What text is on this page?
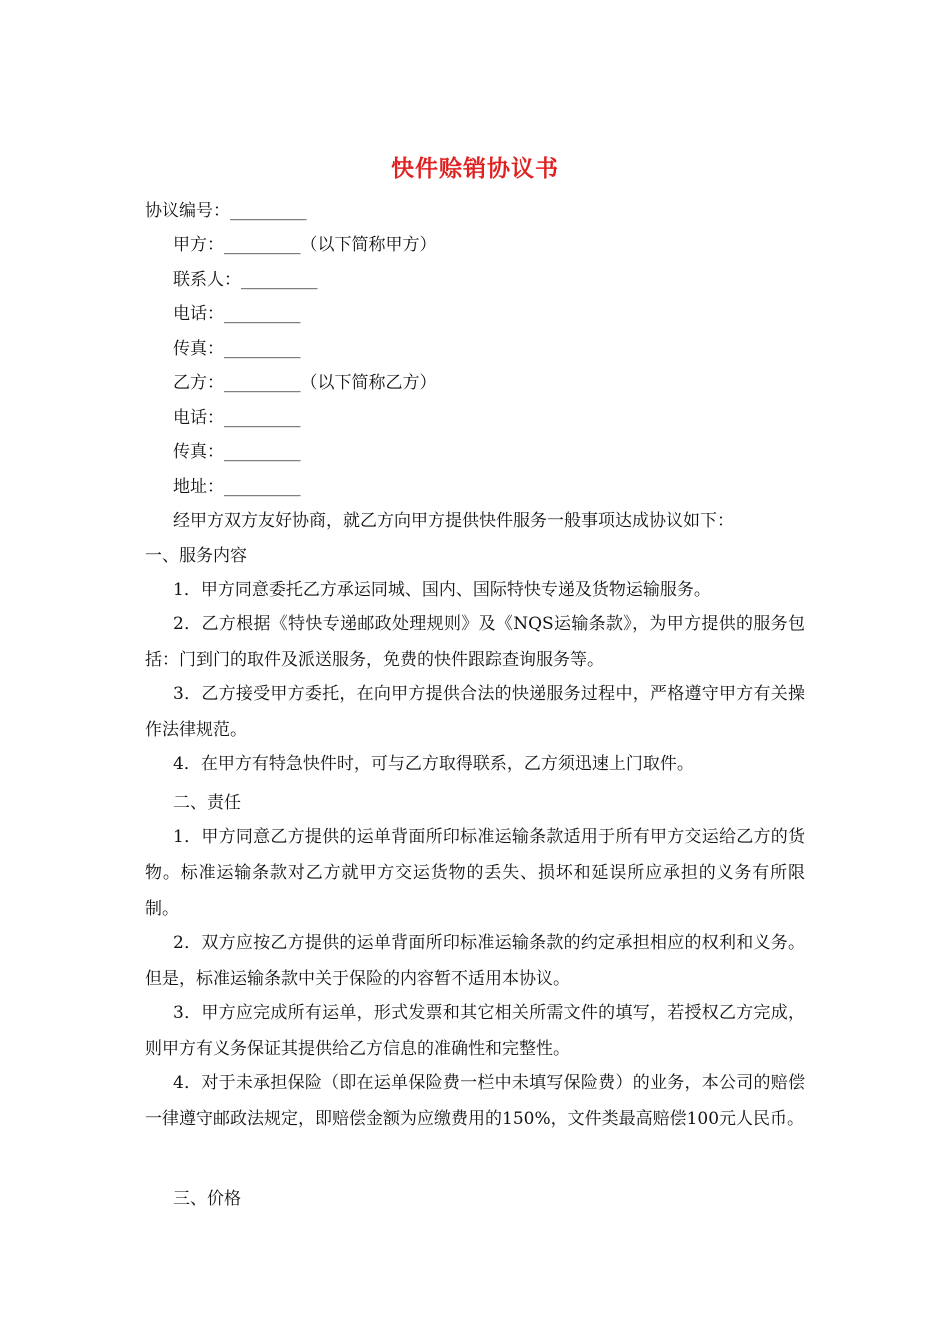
快件赊销协议书
协议编号：_________
甲方：_________（以下简称甲方）
联系人：_________
电话：_________
传真：_________
乙方：_________（以下简称乙方）
电话：_________
传真：_________
地址：_________
经甲方双方友好协商，就乙方向甲方提供快件服务一般事项达成协议如下：
一、服务内容
1．甲方同意委托乙方承运同城、国内、国际特快专递及货物运输服务。
2．乙方根据《特快专递邮政处理规则》及《NQS运输条款》，为甲方提供的服务包括：门到门的取件及派送服务，免费的快件跟踪查询服务等。
3．乙方接受甲方委托，在向甲方提供合法的快递服务过程中，严格遵守甲方有关操作法律规范。
4．在甲方有特急快件时，可与乙方取得联系，乙方须迅速上门取件。
二、责任
1．甲方同意乙方提供的运单背面所印标准运输条款适用于所有甲方交运给乙方的货物。标准运输条款对乙方就甲方交运货物的丢失、损坏和延误所应承担的义务有所限制。
2．双方应按乙方提供的运单背面所印标准运输条款的约定承担相应的权利和义务。但是，标准运输条款中关于保险的内容暂不适用本协议。
3．甲方应完成所有运单，形式发票和其它相关所需文件的填写，若授权乙方完成，则甲方有义务保证其提供给乙方信息的准确性和完整性。
4．对于未承担保险（即在运单保险费一栏中未填写保险费）的业务，本公司的赔偿一律遵守邮政法规定，即赔偿金额为应缴费用的150%，文件类最高赔偿100元人民币。
三、价格
